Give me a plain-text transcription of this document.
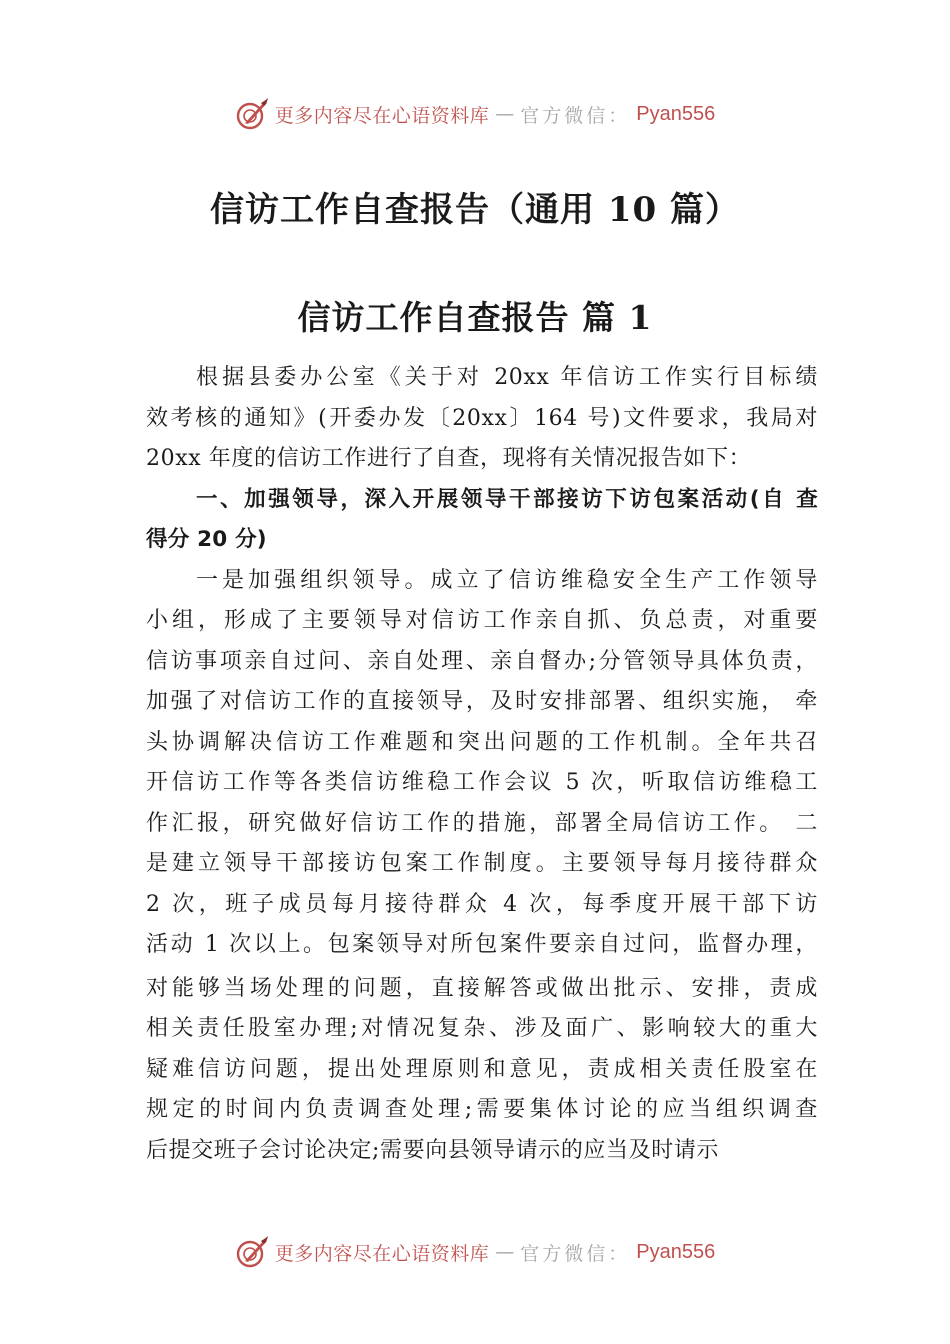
更多内容尽在心语资料库 — 官方微信： Pyan556
信访工作自查报告（通用 10 篇）
信访工作自查报告 篇 1
根据县委办公室《关于对 20xx 年信访工作实行目标绩
效考核的通知》(开委办发〔20xx〕164 号)文件要求，我局对
20xx 年度的信访工作进行了自查，现将有关情况报告如下：
一、加强领导，深入开展领导干部接访下访包案活动(自 查
得分 20 分)
一是加强组织领导。成立了信访维稳安全生产工作领导
小组，形成了主要领导对信访工作亲自抓、负总责，对重要
信访事项亲自过问、亲自处理、亲自督办;分管领导具体负责，
加强了对信访工作的直接领导，及时安排部署、组织实施， 牵
头协调解决信访工作难题和突出问题的工作机制。全年共召
开信访工作等各类信访维稳工作会议 5 次，听取信访维稳工
作汇报，研究做好信访工作的措施，部署全局信访工作。 二
是建立领导干部接访包案工作制度。主要领导每月接待群众
2 次，班子成员每月接待群众 4 次，每季度开展干部下访
活动 1 次以上。包案领导对所包案件要亲自过问，监督办理，
对能够当场处理的问题，直接解答或做出批示、安排，责成
相关责任股室办理;对情况复杂、涉及面广、影响较大的重大
疑难信访问题，提出处理原则和意见，责成相关责任股室在
规定的时间内负责调查处理;需要集体讨论的应当组织调查
后提交班子会讨论决定;需要向县领导请示的应当及时请示
更多内容尽在心语资料库 — 官方微信： Pyan556
